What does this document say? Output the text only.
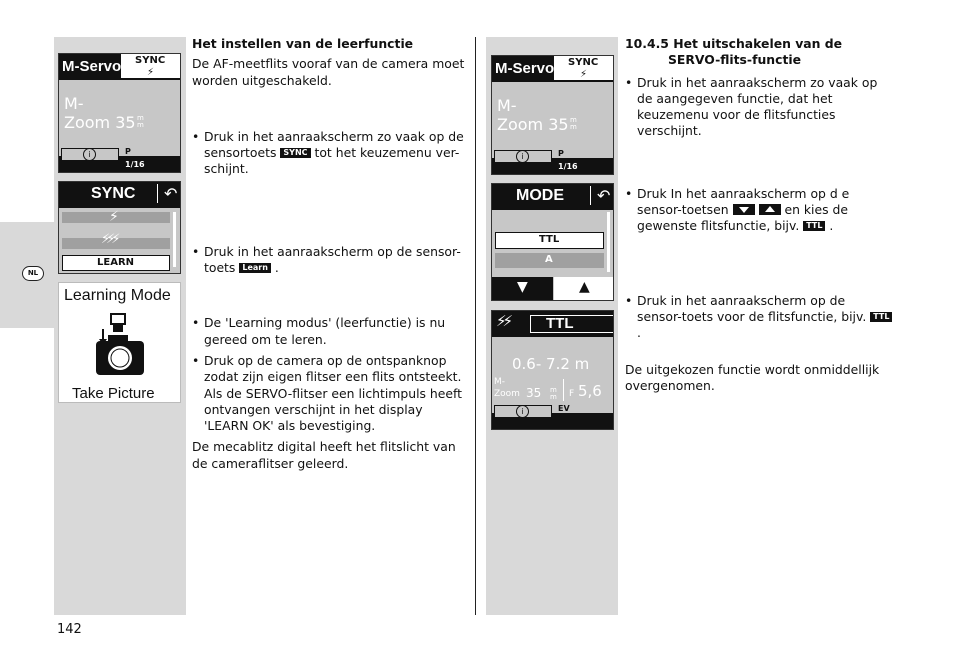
NL
142
M-Servo SYNC
⚡
M-
Zoom 35 m
m
i	P
1/16
SYNC	↶
⚡
⚡⚡⚡
LEARN
Learning Mode
Take Picture

Het instellen van de leerfunctie

De AF-meetflits vooraf van de camera moet worden uitgeschakeld.

• Druk in het aanraakscherm zo vaak op de sensortoets SYNC tot het keuzemenu ver-schijnt.

• Druk in het aanraakscherm op de sensor-toets Learn .

• De 'Learning modus' (leerfunctie) is nu gereed om te leren.

• Druk op de camera op de ontspanknop zodat zijn eigen flitser een flits ontsteekt. Als de SERVO-flitser een lichtimpuls heeft ontvangen verschijnt in het display 'LEARN OK' als bevestiging.

De mecablitz digital heeft het flitslicht van de cameraflitser geleerd.

M-Servo SYNC
⚡
M-
Zoom 35 m
m
i	P
1/16
MODE	↶
TTL
A
▼	▲
⚡⚡ TTL
0.6- 7.2 m
M-
Zoom 35 m
m F 5,6
i	EV

10.4.5 Het uitschakelen van de SERVO-flits-functie

• Druk in het aanraakscherm zo vaak op de aangegeven functie, dat het keuzemenu voor de flitsfuncties verschijnt.

• Druk In het aanraakscherm op d e sensor-toetsen
	en kies de gewenste flitsfunctie, bijv. TTL .

• Druk in het aanraakscherm op de sensor-toets voor de flitsfunctie, bijv. TTL .

De uitgekozen functie wordt onmiddellijk overgenomen.
